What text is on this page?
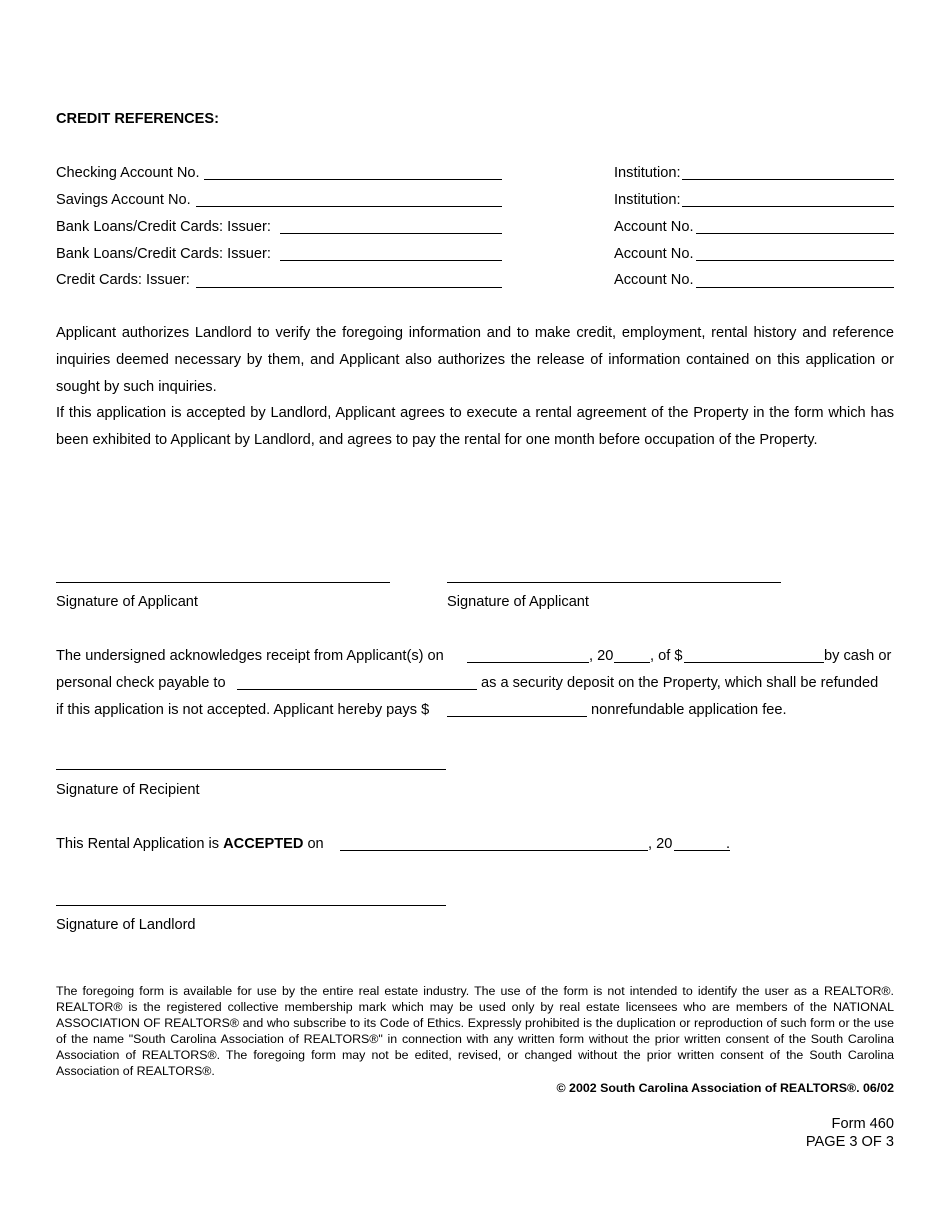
CREDIT REFERENCES:
Checking Account No.	Institution:
Savings Account No.	Institution:
Bank Loans/Credit Cards: Issuer:	Account No.
Bank Loans/Credit Cards: Issuer:	Account No.
Credit Cards: Issuer:	Account No.
Applicant authorizes Landlord to verify the foregoing information and to make credit, employment, rental history and reference inquiries deemed necessary by them, and Applicant also authorizes the release of information contained on this application or sought by such inquiries.
If this application is accepted by Landlord, Applicant agrees to execute a rental agreement of the Property in the form which has been exhibited to Applicant by Landlord, and agrees to pay the rental for one month before occupation of the Property.
Signature of Applicant	Signature of Applicant
The undersigned acknowledges receipt from Applicant(s) on	, 20	, of $	by cash or
personal check payable to	as a security deposit on the Property, which shall be refunded
if this application is not accepted. Applicant hereby pays $	nonrefundable application fee.
Signature of Recipient
This Rental Application is ACCEPTED on	, 20	.
Signature of Landlord
The foregoing form is available for use by the entire real estate industry. The use of the form is not intended to identify the user as a REALTOR®. REALTOR® is the registered collective membership mark which may be used only by real estate licensees who are members of the NATIONAL ASSOCIATION OF REALTORS® and who subscribe to its Code of Ethics. Expressly prohibited is the duplication or reproduction of such form or the use of the name "South Carolina Association of REALTORS®" in connection with any written form without the prior written consent of the South Carolina Association of REALTORS®. The foregoing form may not be edited, revised, or changed without the prior written consent of the South Carolina Association of REALTORS®.
© 2002 South Carolina Association of REALTORS®. 06/02
Form 460
PAGE 3 OF 3
